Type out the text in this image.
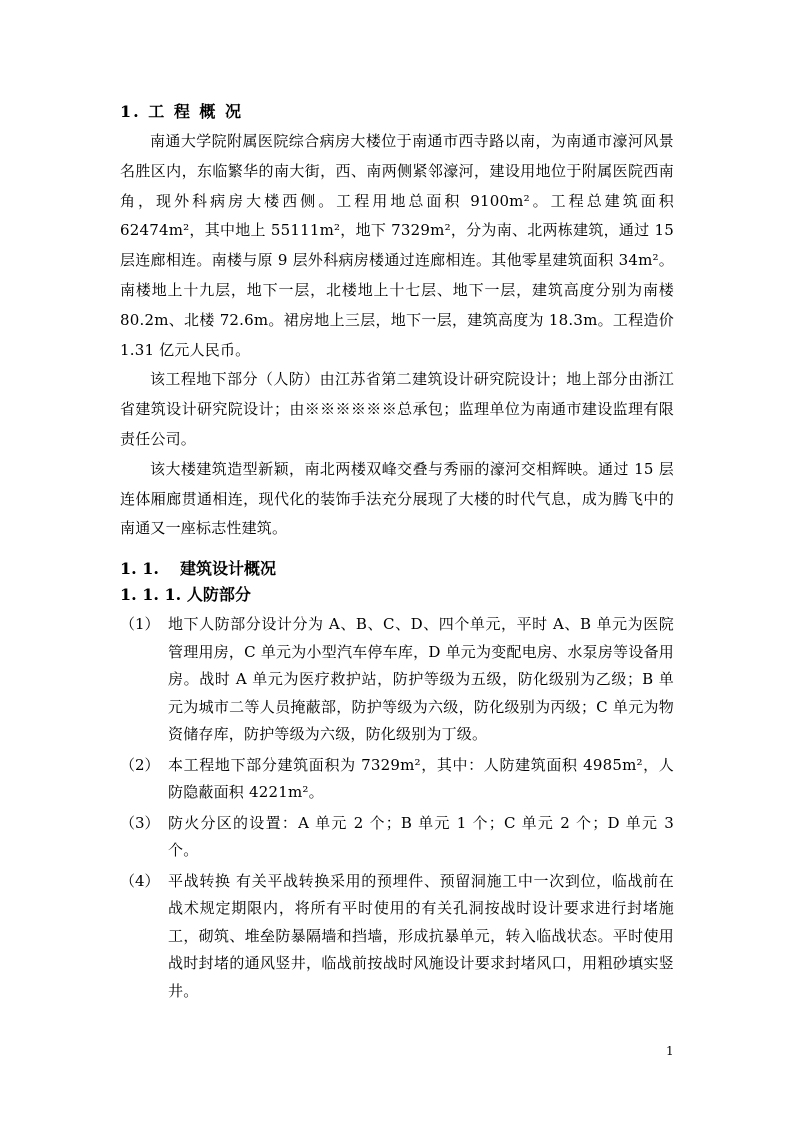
1. 工 程 概 况

南通大学院附属医院综合病房大楼位于南通市西寺路以南，为南通市濠河风景名胜区内，东临繁华的南大街，西、南两侧紧邻濠河，建设用地位于附属医院西南角，现外科病房大楼西侧。工程用地总面积 9100m²。工程总建筑面积 62474m²，其中地上 55111m²，地下 7329m²，分为南、北两栋建筑，通过 15 层连廊相连。南楼与原 9 层外科病房楼通过连廊相连。其他零星建筑面积 34m²。南楼地上十九层，地下一层，北楼地上十七层、地下一层，建筑高度分别为南楼 80.2m、北楼 72.6m。裙房地上三层，地下一层，建筑高度为 18.3m。工程造价 1.31 亿元人民币。

该工程地下部分（人防）由江苏省第二建筑设计研究院设计；地上部分由浙江省建筑设计研究院设计；由※※※※※※总承包；监理单位为南通市建设监理有限责任公司。

该大楼建筑造型新颖，南北两楼双峰交叠与秀丽的濠河交相辉映。通过 15 层连体厢廊贯通相连，现代化的装饰手法充分展现了大楼的时代气息，成为腾飞中的南通又一座标志性建筑。

1. 1.	建筑设计概况
1. 1. 1. 人防部分
（1） 地下人防部分设计分为 A、B、C、D、四个单元，平时 A、B 单元为医院管理用房，C 单元为小型汽车停车库，D 单元为变配电房、水泵房等设备用房。战时 A 单元为医疗救护站，防护等级为五级，防化级别为乙级；B 单元为城市二等人员掩蔽部，防护等级为六级，防化级别为丙级；C 单元为物资储存库，防护等级为六级，防化级别为丁级。
（2） 本工程地下部分建筑面积为 7329m²，其中：人防建筑面积 4985m²，人防隐蔽面积 4221m²。
（3） 防火分区的设置：A 单元 2 个；B 单元 1 个；C 单元 2 个；D 单元 3 个。
（4） 平战转换 有关平战转换采用的预埋件、预留洞施工中一次到位，临战前在战术规定期限内，将所有平时使用的有关孔洞按战时设计要求进行封堵施工，砌筑、堆垒防暴隔墙和挡墙，形成抗暴单元，转入临战状态。平时使用战时封堵的通风竖井，临战前按战时风施设计要求封堵风口，用粗砂填实竖井。
1
